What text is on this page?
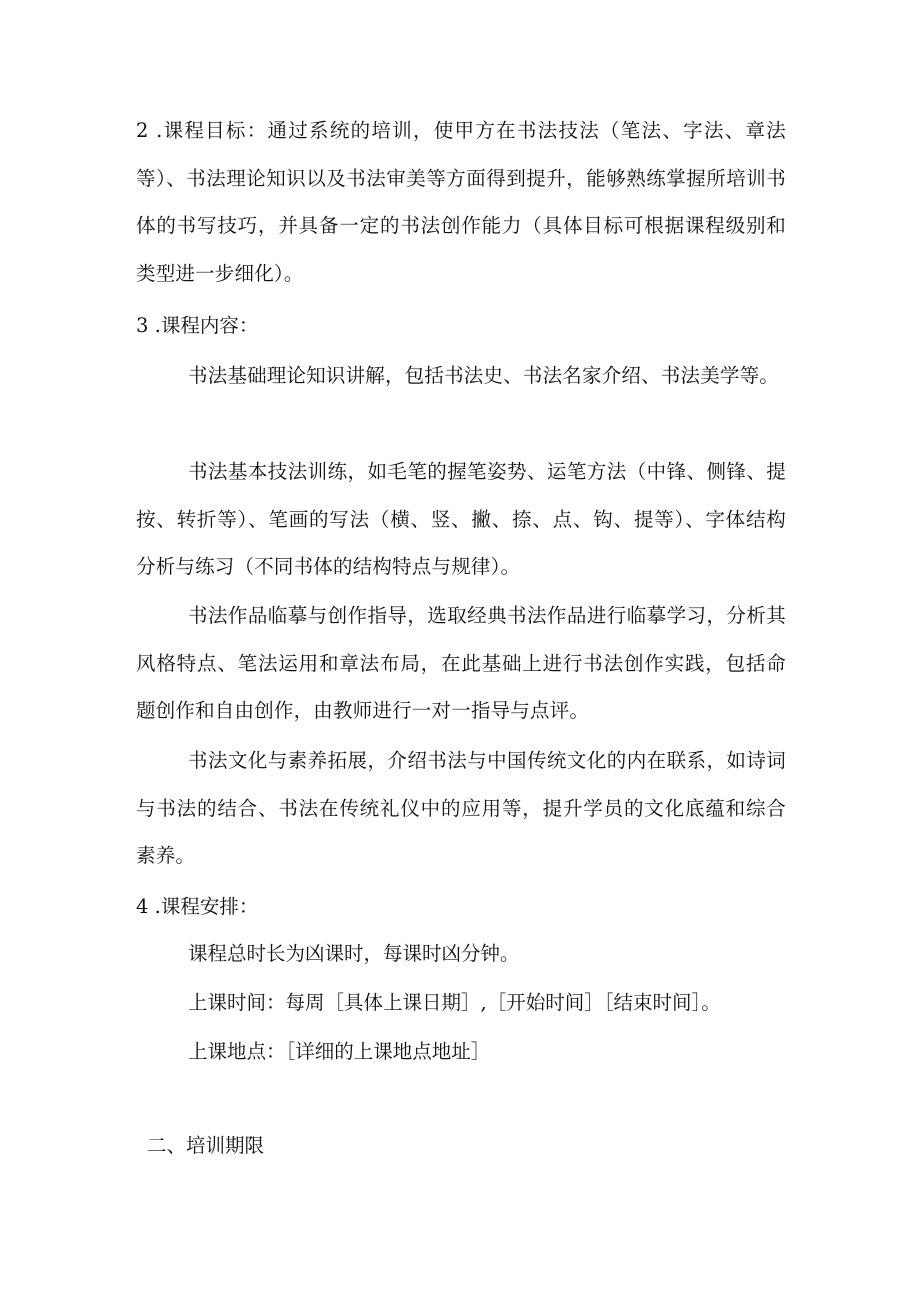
2 .课程目标：通过系统的培训，使甲方在书法技法（笔法、字法、章法等）、书法理论知识以及书法审美等方面得到提升，能够熟练掌握所培训书体的书写技巧，并具备一定的书法创作能力（具体目标可根据课程级别和类型进一步细化）。

3 .课程内容：

书法基础理论知识讲解，包括书法史、书法名家介绍、书法美学等。

书法基本技法训练，如毛笔的握笔姿势、运笔方法（中锋、侧锋、提按、转折等）、笔画的写法（横、竖、撇、捺、点、钩、提等）、字体结构分析与练习（不同书体的结构特点与规律）。

书法作品临摹与创作指导，选取经典书法作品进行临摹学习，分析其风格特点、笔法运用和章法布局，在此基础上进行书法创作实践，包括命题创作和自由创作，由教师进行一对一指导与点评。

书法文化与素养拓展，介绍书法与中国传统文化的内在联系，如诗词与书法的结合、书法在传统礼仪中的应用等，提升学员的文化底蕴和综合素养。

4 .课程安排：

课程总时长为凶课时，每课时凶分钟。

上课时间：每周［具体上课日期］,［开始时间］［结束时间］。

上课地点：［详细的上课地点地址］

二、培训期限
